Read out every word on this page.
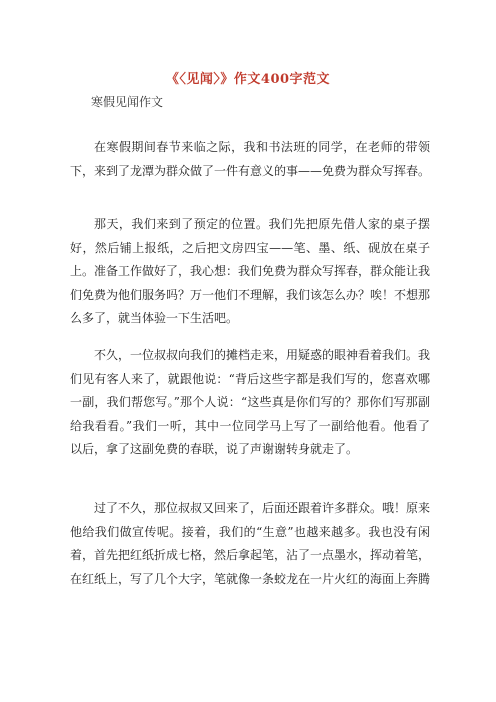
《〈见闻〉》作文400字范文
寒假见闻作文

在寒假期间春节来临之际，我和书法班的同学，在老师的带领下，来到了龙潭为群众做了一件有意义的事——免费为群众写挥春。

那天，我们来到了预定的位置。我们先把原先借人家的桌子摆好，然后铺上报纸，之后把文房四宝——笔、墨、纸、砚放在桌子上。准备工作做好了，我心想：我们免费为群众写挥春，群众能让我们免费为他们服务吗？万一他们不理解，我们该怎么办？唉！不想那么多了，就当体验一下生活吧。

不久，一位叔叔向我们的摊档走来，用疑惑的眼神看着我们。我们见有客人来了，就跟他说：“背后这些字都是我们写的，您喜欢哪一副，我们帮您写。”那个人说：“这些真是你们写的？那你们写那副给我看看。”我们一听，其中一位同学马上写了一副给他看。他看了以后，拿了这副免费的春联，说了声谢谢转身就走了。

过了不久，那位叔叔又回来了，后面还跟着许多群众。哦！原来他给我们做宣传呢。接着，我们的“生意”也越来越多。我也没有闲着，首先把红纸折成七格，然后拿起笔，沾了一点墨水，挥动着笔，在红纸上，写了几个大字，笔就像一条蛟龙在一片火红的海面上奔腾
